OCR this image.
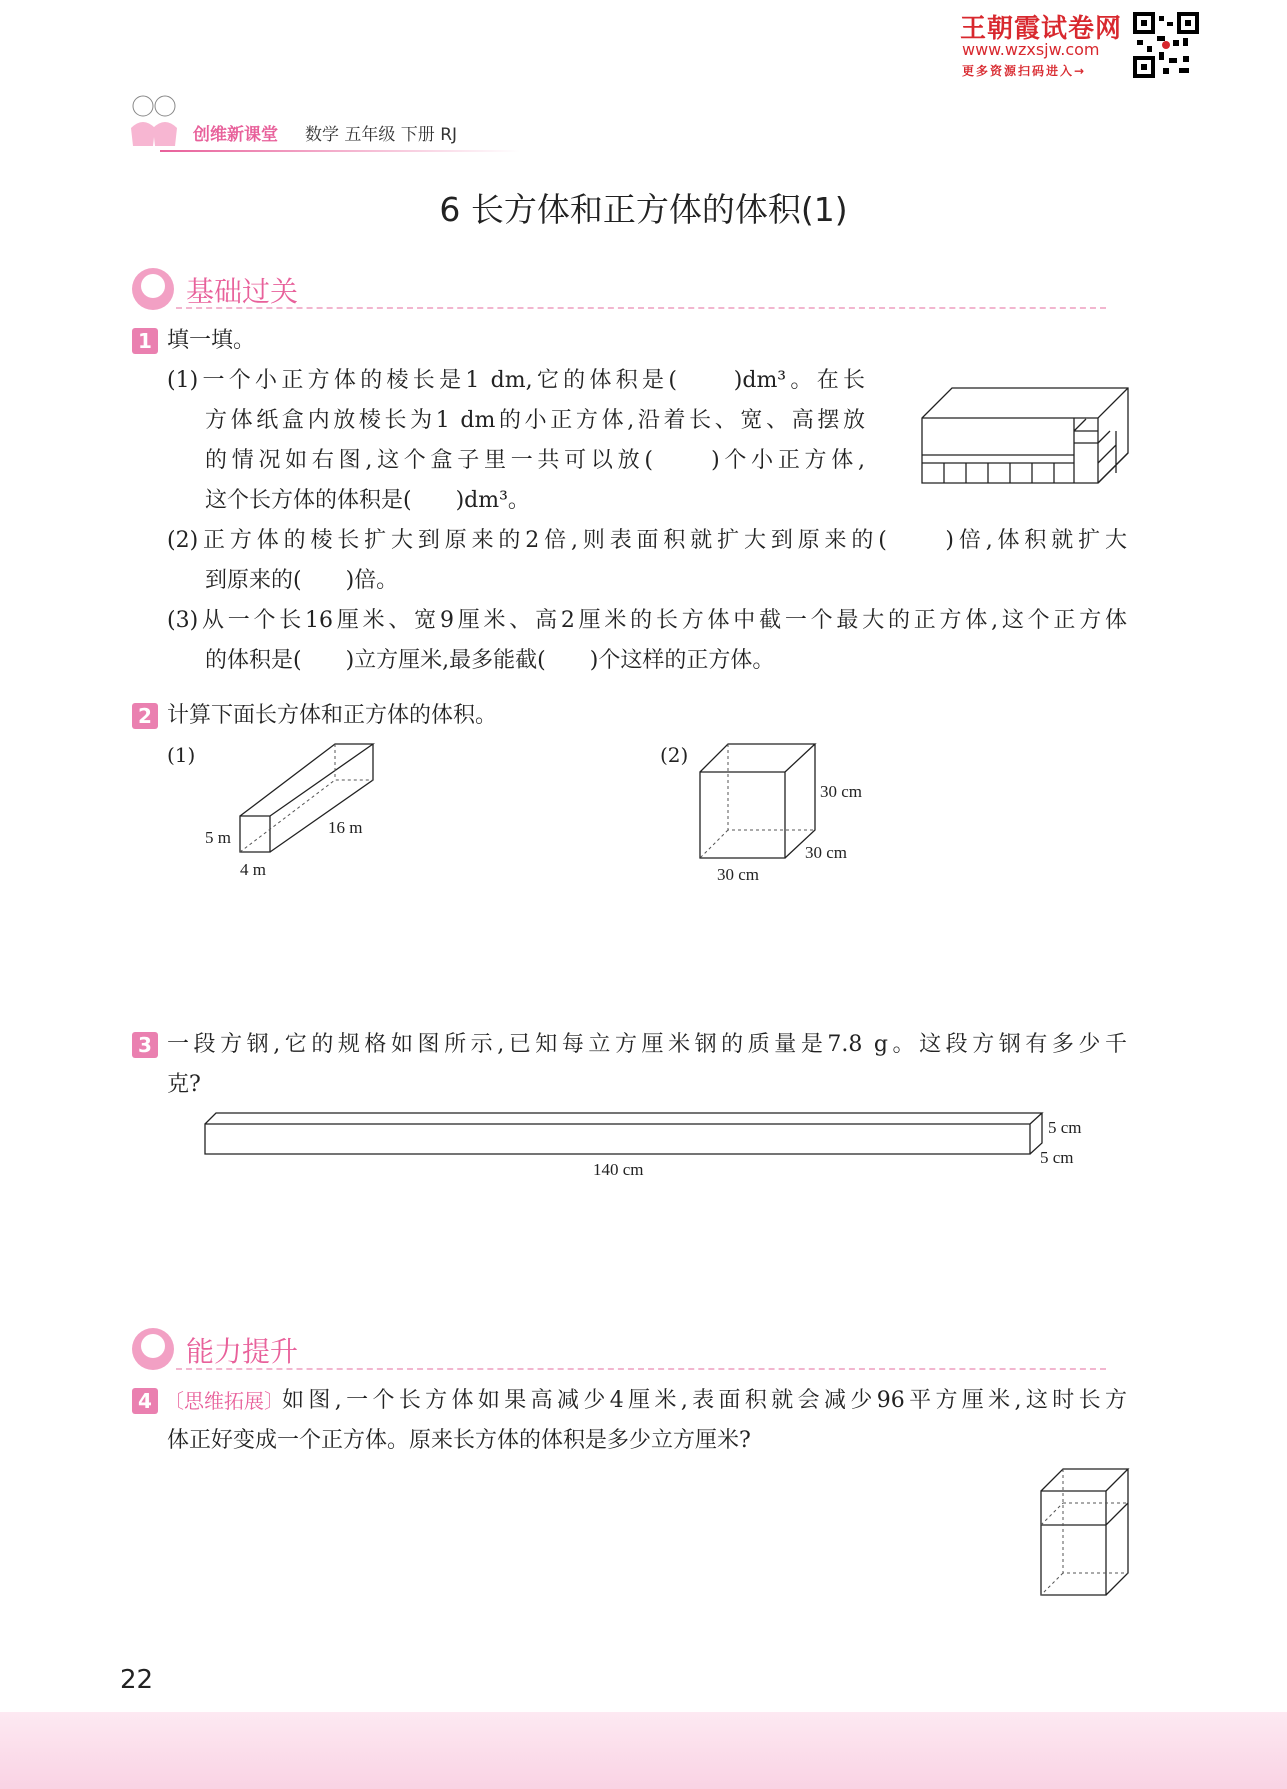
王朝霞试卷网
www.wzxsjw.com
更多资源扫码进入→
创维新课堂 数学 五年级 下册 RJ
6 长方体和正方体的体积(1)
基础过关
1 填一填。
(1)一个小正方体的棱长是1 dm,它的体积是(　　)dm³。在长
方体纸盒内放棱长为1 dm的小正方体,沿着长、宽、高摆放
的情况如右图,这个盒子里一共可以放(　　)个小正方体,
这个长方体的体积是(　　)dm³。
(2)正方体的棱长扩大到原来的2倍,则表面积就扩大到原来的(　　)倍,体积就扩大
到原来的(　　)倍。
(3)从一个长16厘米、宽9厘米、高2厘米的长方体中截一个最大的正方体,这个正方体
的体积是(　　)立方厘米,最多能截(　　)个这样的正方体。
2 计算下面长方体和正方体的体积。
(1)
5 m
4 m
16 m
(2)
30 cm
30 cm
30 cm
3 一段方钢,它的规格如图所示,已知每立方厘米钢的质量是7.8 g。这段方钢有多少千
克?
5 cm
5 cm
140 cm
能力提升
4 〔思维拓展〕
如图,一个长方体如果高减少4厘米,表面积就会减少96平方厘米,这时长方
体正好变成一个正方体。原来长方体的体积是多少立方厘米?
22
